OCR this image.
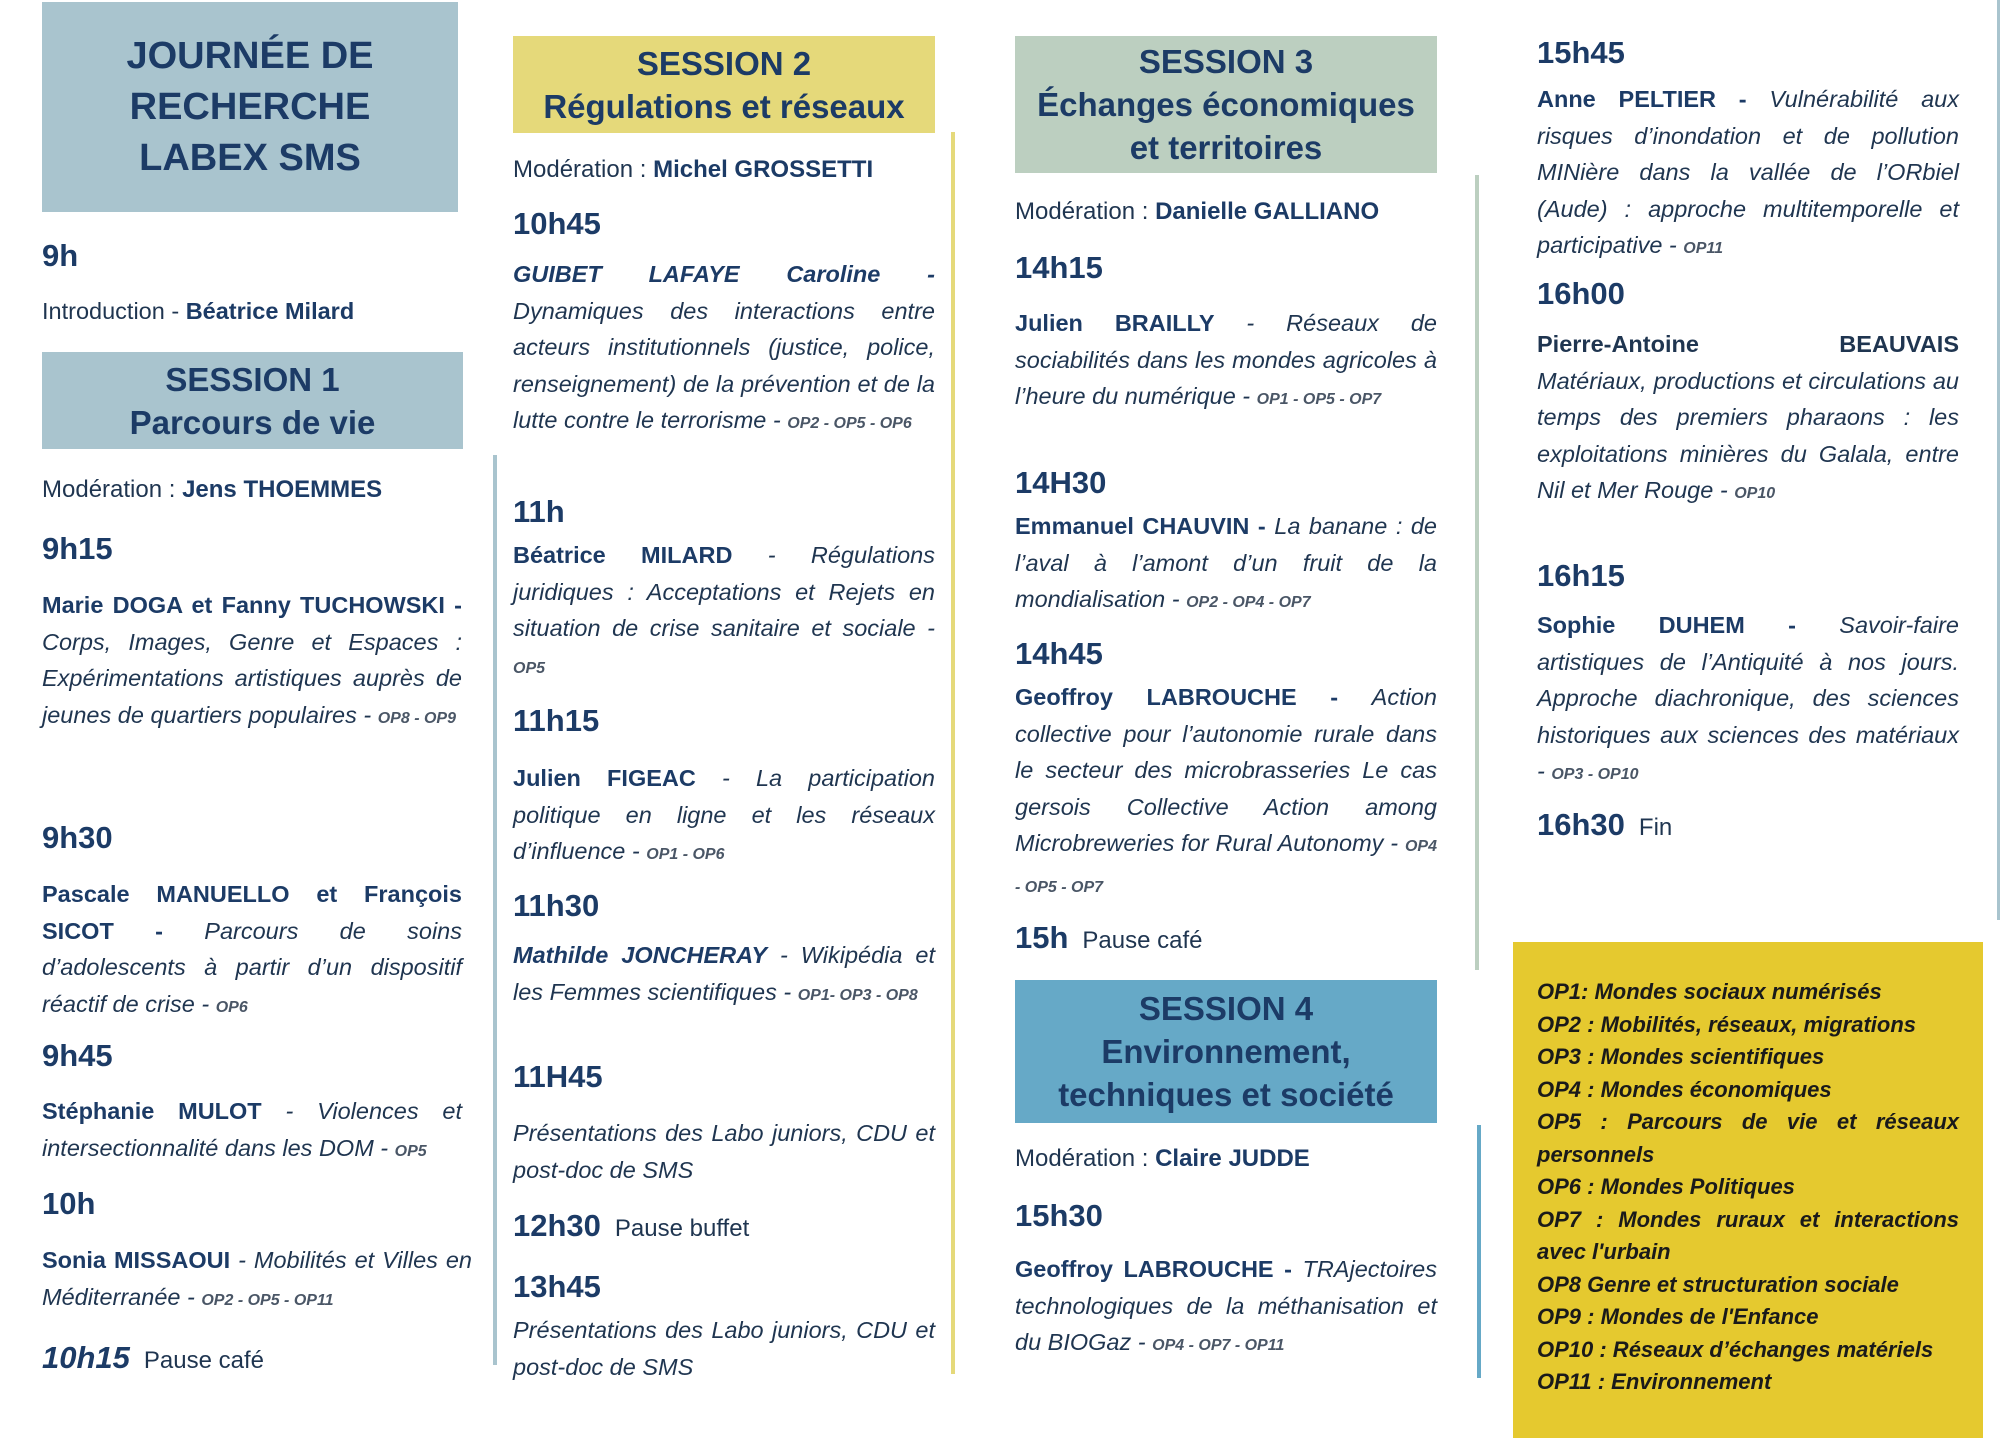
JOURNÉE DE
RECHERCHE
LABEX SMS
SESSION 1
Parcours de vie
SESSION 2
Régulations et réseaux
SESSION 3
Échanges économiques
et territoires
SESSION 4
Environnement,
techniques et société
9h
Introduction - Béatrice Milard
Modération : Jens THOEMMES
9h15
Marie DOGA et Fanny TUCHOWSKI - Corps, Images, Genre et Espaces : Expérimentations artistiques auprès de jeunes de quartiers populaires - OP8 - OP9
9h30
Pascale MANUELLO et François SICOT - Parcours de soins d’adolescents à partir d’un dispositif réactif de crise - OP6
9h45
Stéphanie MULOT - Violences et intersectionnalité dans les DOM - OP5
10h
Sonia MISSAOUI - Mobilités et Villes en Méditerranée - OP2 - OP5 - OP11
10h15 Pause café
Modération : Michel GROSSETTI
10h45
GUIBET LAFAYE Caroline - Dynamiques des interactions entre acteurs institutionnels (justice, police, renseignement) de la prévention et de la lutte contre le terrorisme - OP2 - OP5 - OP6
11h
Béatrice MILARD - Régulations juridiques : Acceptations et Rejets en situation de crise sanitaire et sociale - OP5
11h15
Julien FIGEAC - La participation politique en ligne et les réseaux d’influence - OP1 - OP6
11h30
Mathilde JONCHERAY - Wikipédia et les Femmes scientifiques - OP1- OP3 - OP8
11H45
Présentations des Labo juniors, CDU et post-doc de SMS
12h30 Pause buffet
13h45
Présentations des Labo juniors, CDU et post-doc de SMS
Modération : Danielle GALLIANO
14h15
Julien BRAILLY - Réseaux de sociabilités dans les mondes agricoles à l’heure du numérique - OP1 - OP5 - OP7
14H30
Emmanuel CHAUVIN - La banane : de l’aval à l’amont d’un fruit de la mondialisation - OP2 - OP4 - OP7
14h45
Geoffroy LABROUCHE - Action collective pour l’autonomie rurale dans le secteur des microbrasseries Le cas gersois Collective Action among Microbreweries for Rural Autonomy - OP4 - OP5 - OP7
15h Pause café
Modération : Claire JUDDE
15h30
Geoffroy LABROUCHE - TRAjectoires technologiques de la méthanisation et du BIOGaz - OP4 - OP7 - OP11
15h45
Anne PELTIER - Vulnérabilité aux risques d’inondation et de pollution MINière dans la vallée de l’ORbiel (Aude) : approche multitemporelle et participative - OP11
16h00
Pierre-Antoine BEAUVAIS
Matériaux, productions et circulations au temps des premiers pharaons : les exploitations minières du Galala, entre Nil et Mer Rouge - OP10
16h15
Sophie DUHEM - Savoir-faire artistiques de l’Antiquité à nos jours. Approche diachronique, des sciences historiques aux sciences des matériaux - OP3 - OP10
16h30 Fin
OP1: Mondes sociaux numérisés
OP2 : Mobilités, réseaux, migrations
OP3 : Mondes scientifiques
OP4 : Mondes économiques
OP5 : Parcours de vie et réseaux personnels
OP6 : Mondes Politiques
OP7 : Mondes ruraux et interactions avec l'urbain
OP8 Genre et structuration sociale
OP9 : Mondes de l'Enfance
OP10 : Réseaux d’échanges matériels
OP11 : Environnement
